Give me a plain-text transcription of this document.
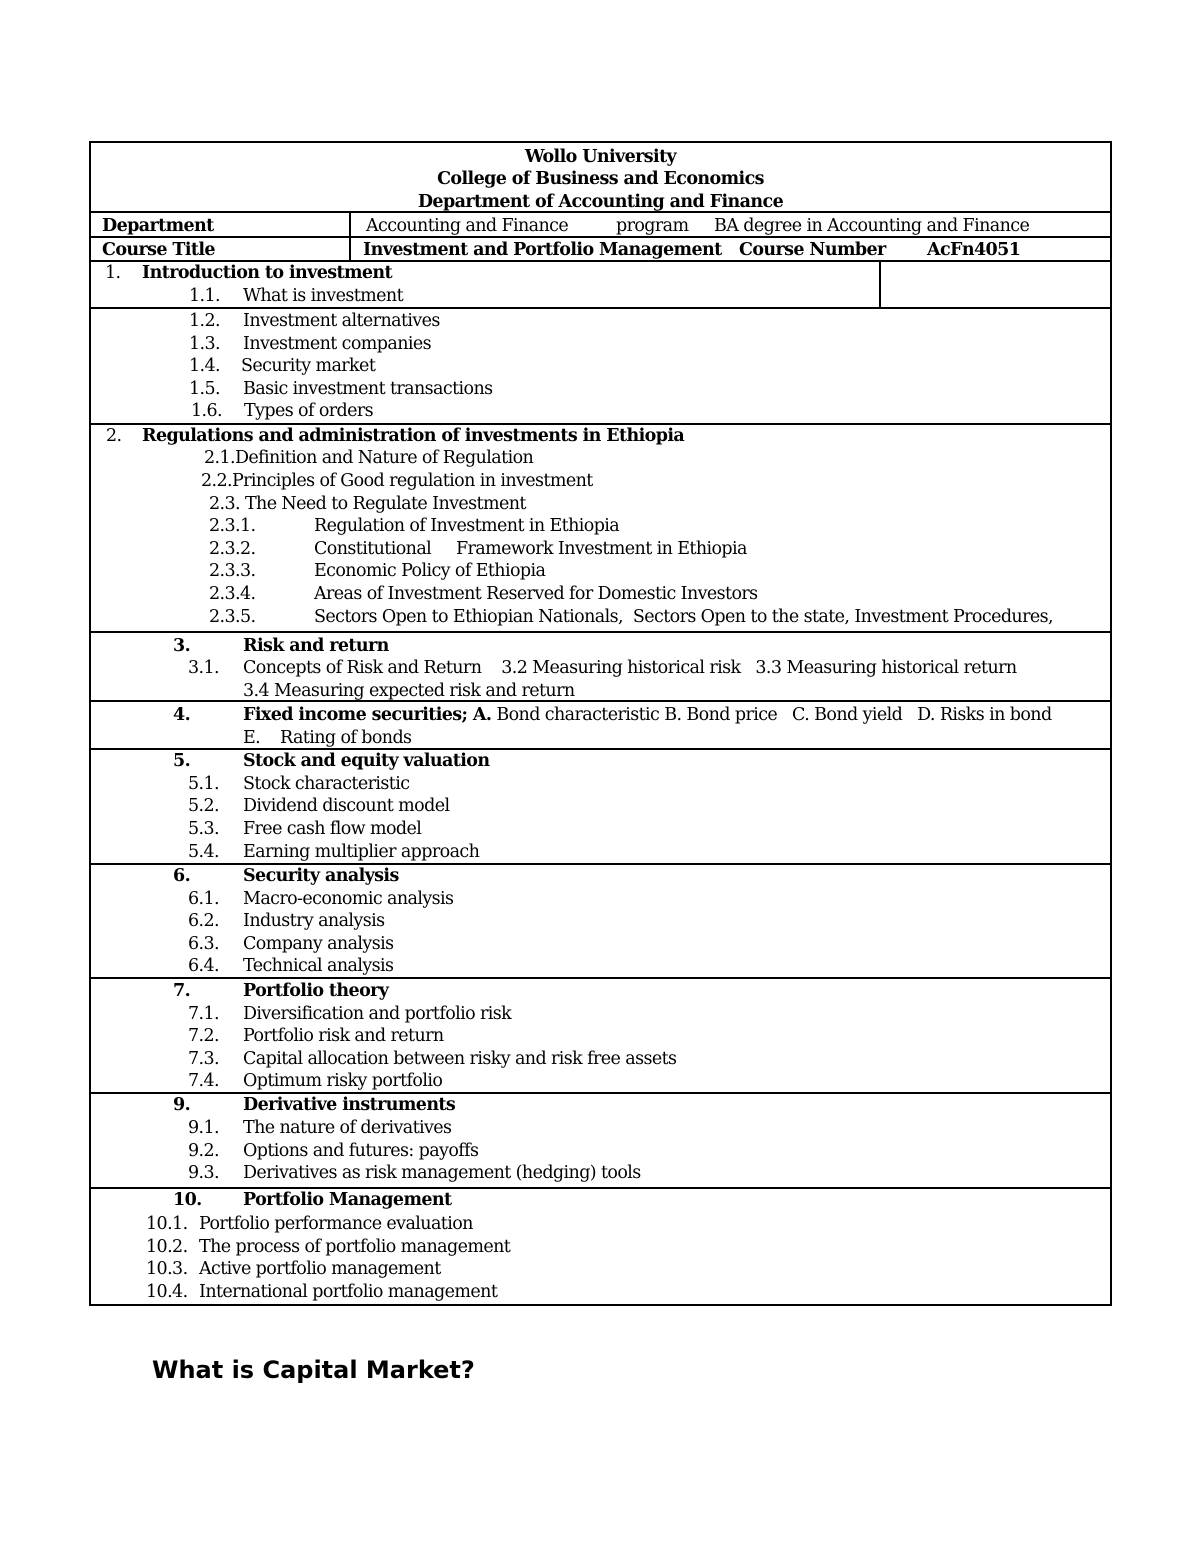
Wollo University
College of Business and Economics
Department of Accounting and Finance
Department	Accounting and Finance	program BA degree in Accounting and Finance
Course Title	Investment and Portfolio Management Course Number AcFn4051
1. Introduction to investment
1.1. What is investment
1.2. Investment alternatives
1.3. Investment companies
1.4. Security market
1.5. Basic investment transactions
1.6. Types of orders
2. Regulations and administration of investments in Ethiopia
2.1.Definition and Nature of Regulation
2.2.Principles of Good regulation in investment
2.3. The Need to Regulate Investment
2.3.1.	Regulation of Investment in Ethiopia
2.3.2.	Constitutional     Framework Investment in Ethiopia
2.3.3.	Economic Policy of Ethiopia
2.3.4.	Areas of Investment Reserved for Domestic Investors
2.3.5.	Sectors Open to Ethiopian Nationals,  Sectors Open to the state, Investment Procedures,
3.	Risk and return
3.1. Concepts of Risk and Return    3.2 Measuring historical risk   3.3 Measuring historical return
3.4 Measuring expected risk and return
4.	Fixed income securities; A. Bond characteristic B. Bond price   C. Bond yield   D. Risks in bond
E.    Rating of bonds
5.	Stock and equity valuation
5.1. Stock characteristic
5.2. Dividend discount model
5.3. Free cash flow model
5.4. Earning multiplier approach
6.	Security analysis
6.1. Macro-economic analysis
6.2. Industry analysis
6.3. Company analysis
6.4. Technical analysis
7.	Portfolio theory
7.1. Diversification and portfolio risk
7.2. Portfolio risk and return
7.3. Capital allocation between risky and risk free assets
7.4. Optimum risky portfolio
9.	Derivative instruments
9.1. The nature of derivatives
9.2. Options and futures: payoffs
9.3. Derivatives as risk management (hedging) tools
10. Portfolio Management
10.1. Portfolio performance evaluation
10.2. The process of portfolio management
10.3. Active portfolio management
10.4. International portfolio management
What is Capital Market?
